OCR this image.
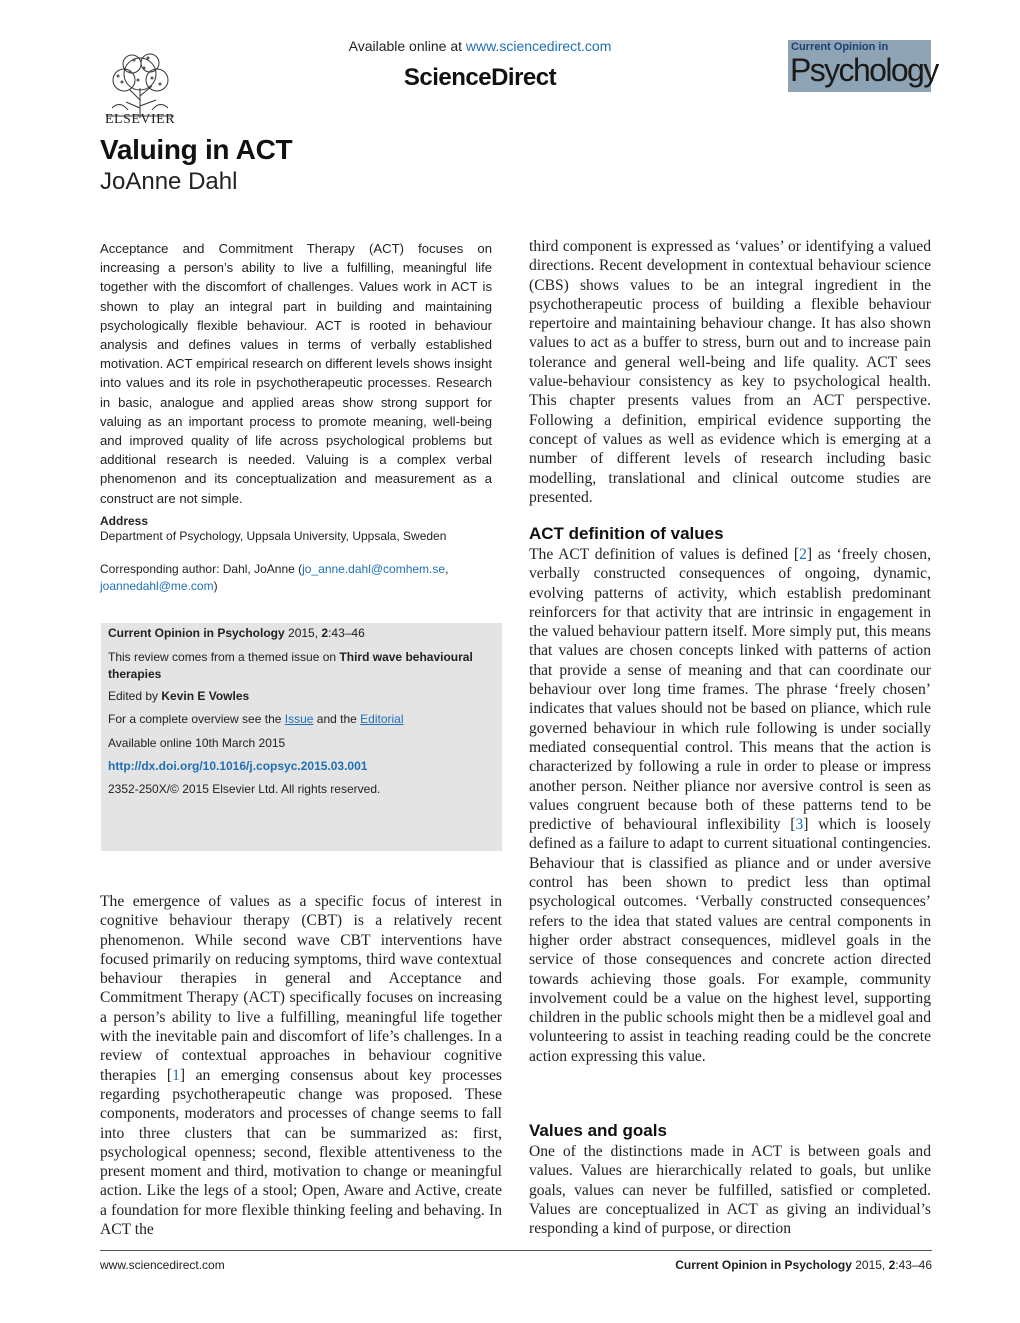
ELSEVIER
Available online at www.sciencedirect.com
ScienceDirect
Current Opinion in
Psychology
Valuing in ACT
JoAnne Dahl
Acceptance and Commitment Therapy (ACT) focuses on increasing a person’s ability to live a fulfilling, meaningful life together with the discomfort of challenges. Values work in ACT is shown to play an integral part in building and maintaining psychologically flexible behaviour. ACT is rooted in behaviour analysis and defines values in terms of verbally established motivation. ACT empirical research on different levels shows insight into values and its role in psychotherapeutic processes. Research in basic, analogue and applied areas show strong support for valuing as an important process to promote meaning, well-being and improved quality of life across psychological problems but additional research is needed. Valuing is a complex verbal phenomenon and its conceptualization and measurement as a construct are not simple.
Address
Department of Psychology, Uppsala University, Uppsala, Sweden
Corresponding author: Dahl, JoAnne (jo_anne.dahl@comhem.se,
joannedahl@me.com)
Current Opinion in Psychology 2015, 2:43–46
This review comes from a themed issue on Third wave behavioural therapies
Edited by Kevin E Vowles
For a complete overview see the Issue and the Editorial
Available online 10th March 2015
http://dx.doi.org/10.1016/j.copsyc.2015.03.001
2352-250X/© 2015 Elsevier Ltd. All rights reserved.
The emergence of values as a specific focus of interest in cognitive behaviour therapy (CBT) is a relatively recent phenomenon. While second wave CBT interventions have focused primarily on reducing symptoms, third wave contextual behaviour therapies in general and Acceptance and Commitment Therapy (ACT) specifically focuses on increasing a person’s ability to live a fulfilling, meaningful life together with the inevitable pain and discomfort of life’s challenges. In a review of contextual approaches in behaviour cognitive therapies [1] an emerging consensus about key processes regarding psychotherapeutic change was proposed. These components, moderators and processes of change seems to fall into three clusters that can be summarized as: first, psychological openness; second, flexible attentiveness to the present moment and third, motivation to change or meaningful action. Like the legs of a stool; Open, Aware and Active, create a foundation for more flexible thinking feeling and behaving. In ACT the
third component is expressed as ‘values’ or identifying a valued directions. Recent development in contextual behaviour science (CBS) shows values to be an integral ingredient in the psychotherapeutic process of building a flexible behaviour repertoire and maintaining behaviour change. It has also shown values to act as a buffer to stress, burn out and to increase pain tolerance and general well-being and life quality. ACT sees value-behaviour consistency as key to psychological health. This chapter presents values from an ACT perspective. Following a definition, empirical evidence supporting the concept of values as well as evidence which is emerging at a number of different levels of research including basic modelling, translational and clinical outcome studies are presented.
ACT definition of values
The ACT definition of values is defined [2] as ‘freely chosen, verbally constructed consequences of ongoing, dynamic, evolving patterns of activity, which establish predominant reinforcers for that activity that are intrinsic in engagement in the valued behaviour pattern itself. More simply put, this means that values are chosen concepts linked with patterns of action that provide a sense of meaning and that can coordinate our behaviour over long time frames. The phrase ‘freely chosen’ indicates that values should not be based on pliance, which rule governed behaviour in which rule following is under socially mediated consequential control. This means that the action is characterized by following a rule in order to please or impress another person. Neither pliance nor aversive control is seen as values congruent because both of these patterns tend to be predictive of behavioural inflexibility [3] which is loosely defined as a failure to adapt to current situational contingencies. Behaviour that is classified as pliance and or under aversive control has been shown to predict less than optimal psychological outcomes. ‘Verbally constructed consequences’ refers to the idea that stated values are central components in higher order abstract consequences, midlevel goals in the service of those consequences and concrete action directed towards achieving those goals. For example, community involvement could be a value on the highest level, supporting children in the public schools might then be a midlevel goal and volunteering to assist in teaching reading could be the concrete action expressing this value.
Values and goals
One of the distinctions made in ACT is between goals and values. Values are hierarchically related to goals, but unlike goals, values can never be fulfilled, satisfied or completed. Values are conceptualized in ACT as giving an individual’s responding a kind of purpose, or direction
www.sciencedirect.com	Current Opinion in Psychology 2015, 2:43–46
